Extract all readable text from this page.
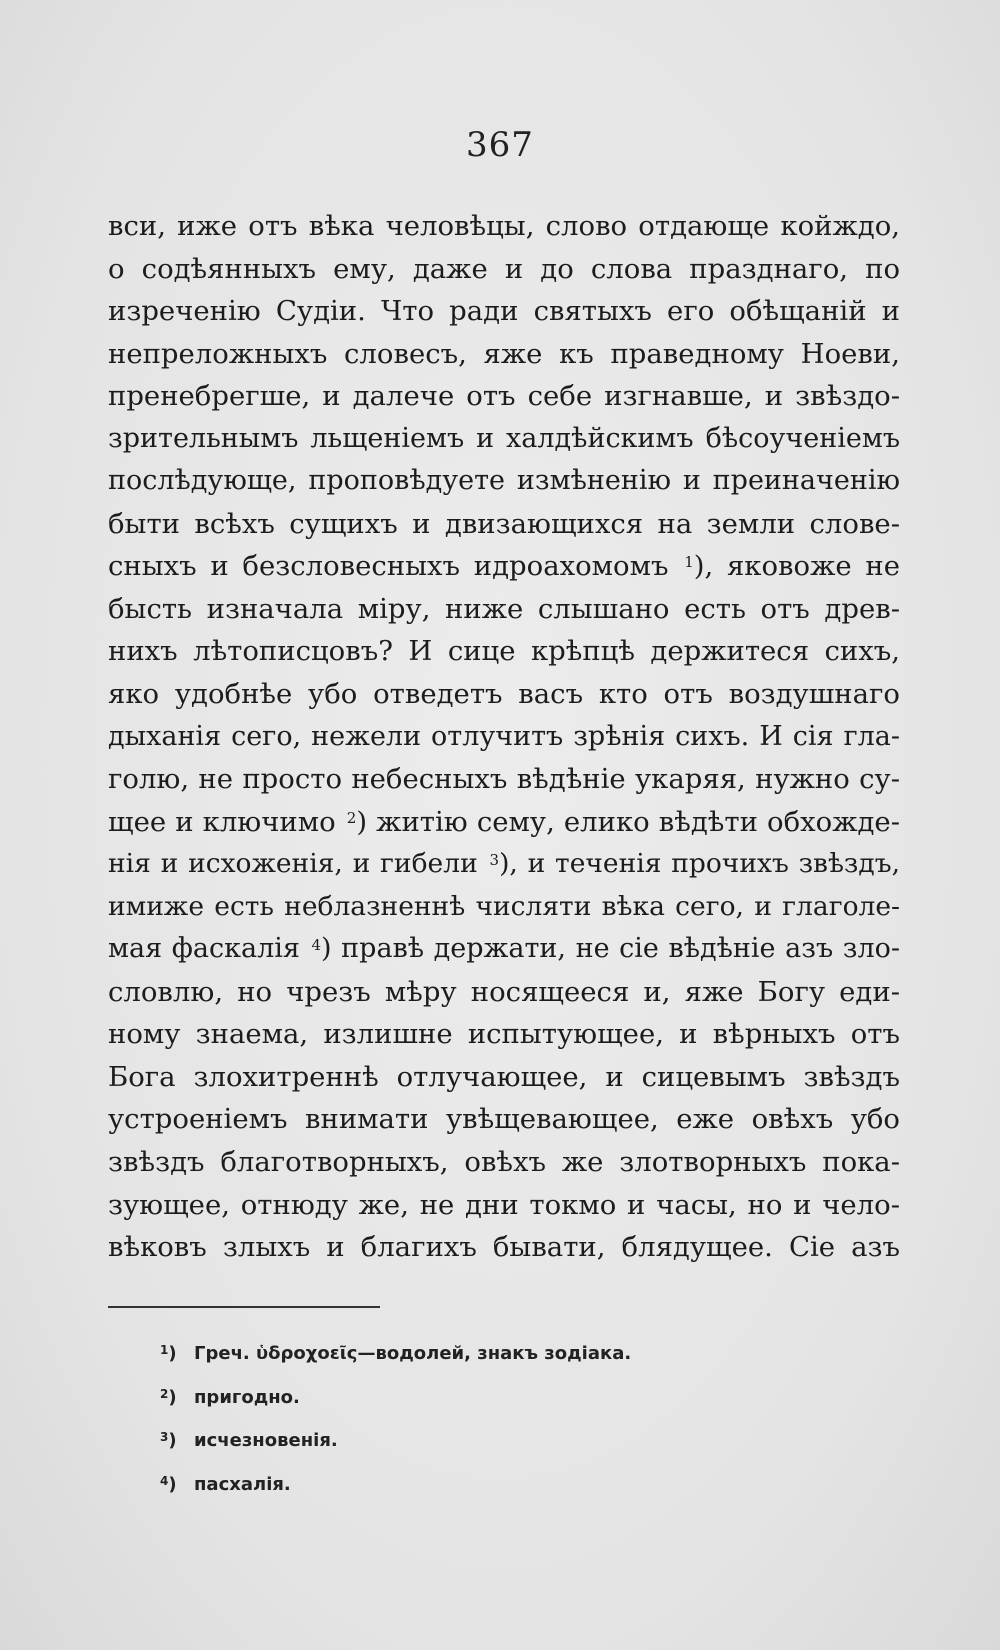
367
вси, иже отъ вѣка человѣцы, слово отдающе койждо,
о содѣянныхъ ему, даже и до слова празднаго, по
изреченію Судіи. Что ради святыхъ его обѣщаній и
непреложныхъ словесъ, яже къ праведному Ноеви,
пренебрегше, и далече отъ себе изгнавше, и звѣздо-
зрительнымъ льщеніемъ и халдѣйскимъ бѣсоученіемъ
послѣдующе, проповѣдуете измѣненію и преиначенію
быти всѣхъ сущихъ и двизающихся на земли слове-
сныхъ и безсловесныхъ идроахомомъ $^1$), яковоже не
бысть изначала міру, ниже слышано есть отъ древ-
нихъ лѣтописцовъ? И сице крѣпцѣ держитеся сихъ,
яко удобнѣе убо отведетъ васъ кто отъ воздушнаго
дыханія сего, нежели отлучитъ зрѣнія сихъ. И сія гла-
голю, не просто небесныхъ вѣдѣніе укаряя, нужно су-
щее и ключимо $^2$) житію сему, елико вѣдѣти обхожде-
нія и исхоженія, и гибели $^3$), и теченія прочихъ звѣздъ,
имиже есть неблазненнѣ числяти вѣка сего, и глаголе-
мая фаскалія $^4$) правѣ держати, не сіе вѣдѣніе азъ зло-
словлю, но чрезъ мѣру носящееся и, яже Богу еди-
ному знаема, излишне испытующее, и вѣрныхъ отъ
Бога злохитреннѣ отлучающее, и сицевымъ звѣздъ
устроеніемъ внимати увѣщевающее, еже овѣхъ убо
звѣздъ благотворныхъ, овѣхъ же злотворныхъ пока-
зующее, отнюду же, не дни токмо и часы, но и чело-
вѣковъ злыхъ и благихъ бывати, блядущее. Сіе азъ
$^1$) Греч. ὑδροχοεῖς—водолей, знакъ зодіака.
$^2$) пригодно.
$^3$) исчезновенія.
$^4$) пасхалія.
